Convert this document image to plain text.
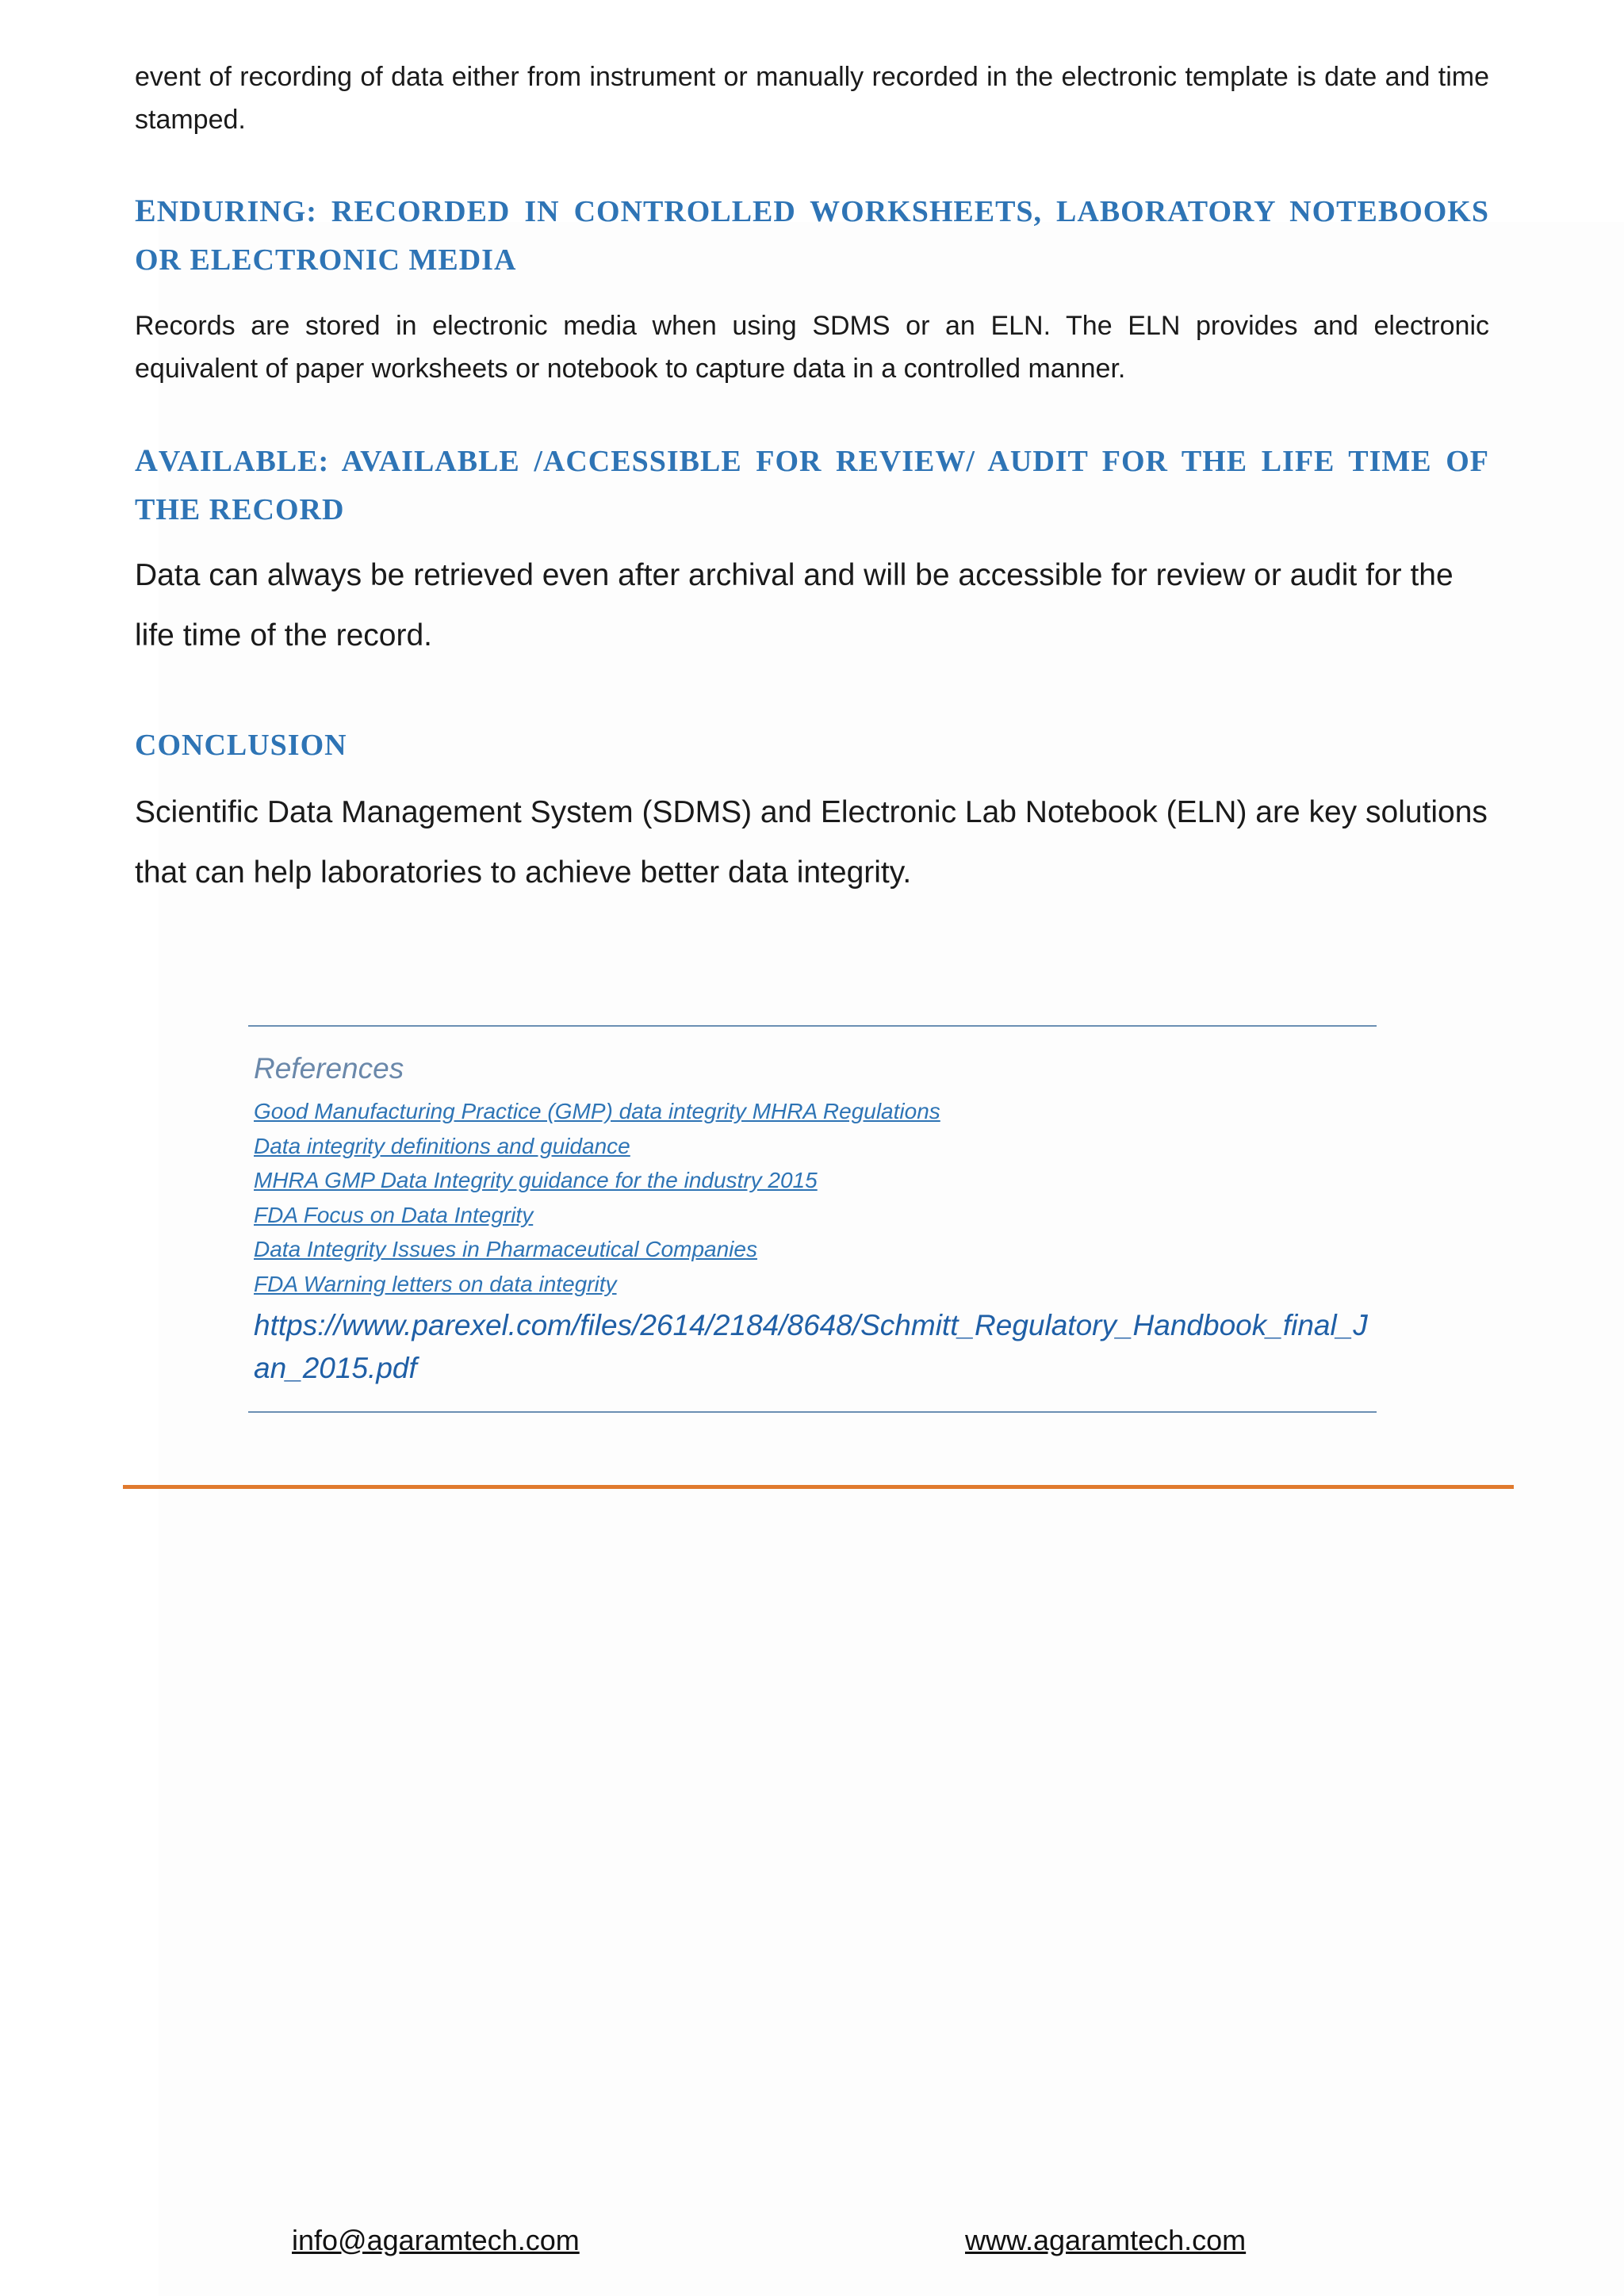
event of recording of data either from instrument or manually recorded in the electronic template is date and time stamped.

ENDURING: RECORDED IN CONTROLLED WORKSHEETS, LABORATORY NOTEBOOKS OR ELECTRONIC MEDIA

Records are stored in electronic media when using SDMS or an ELN. The ELN provides and electronic equivalent of paper worksheets or notebook to capture data in a controlled manner.

AVAILABLE: AVAILABLE /ACCESSIBLE FOR REVIEW/ AUDIT FOR THE LIFE TIME OF THE RECORD

Data can always be retrieved even after archival and will be accessible for review or audit for the life time of the record.

CONCLUSION

Scientific Data Management System (SDMS) and Electronic Lab Notebook (ELN) are key solutions that can help laboratories to achieve better data integrity.

References
Good Manufacturing Practice (GMP) data integrity MHRA Regulations
Data integrity definitions and guidance
MHRA GMP Data Integrity guidance for the industry 2015
FDA Focus on Data Integrity
Data Integrity Issues in Pharmaceutical Companies
FDA Warning letters on data integrity
https://www.parexel.com/files/2614/2184/8648/Schmitt_Regulatory_Handbook_final_Jan_2015.pdf
info@agaramtech.com	www.agaramtech.com
